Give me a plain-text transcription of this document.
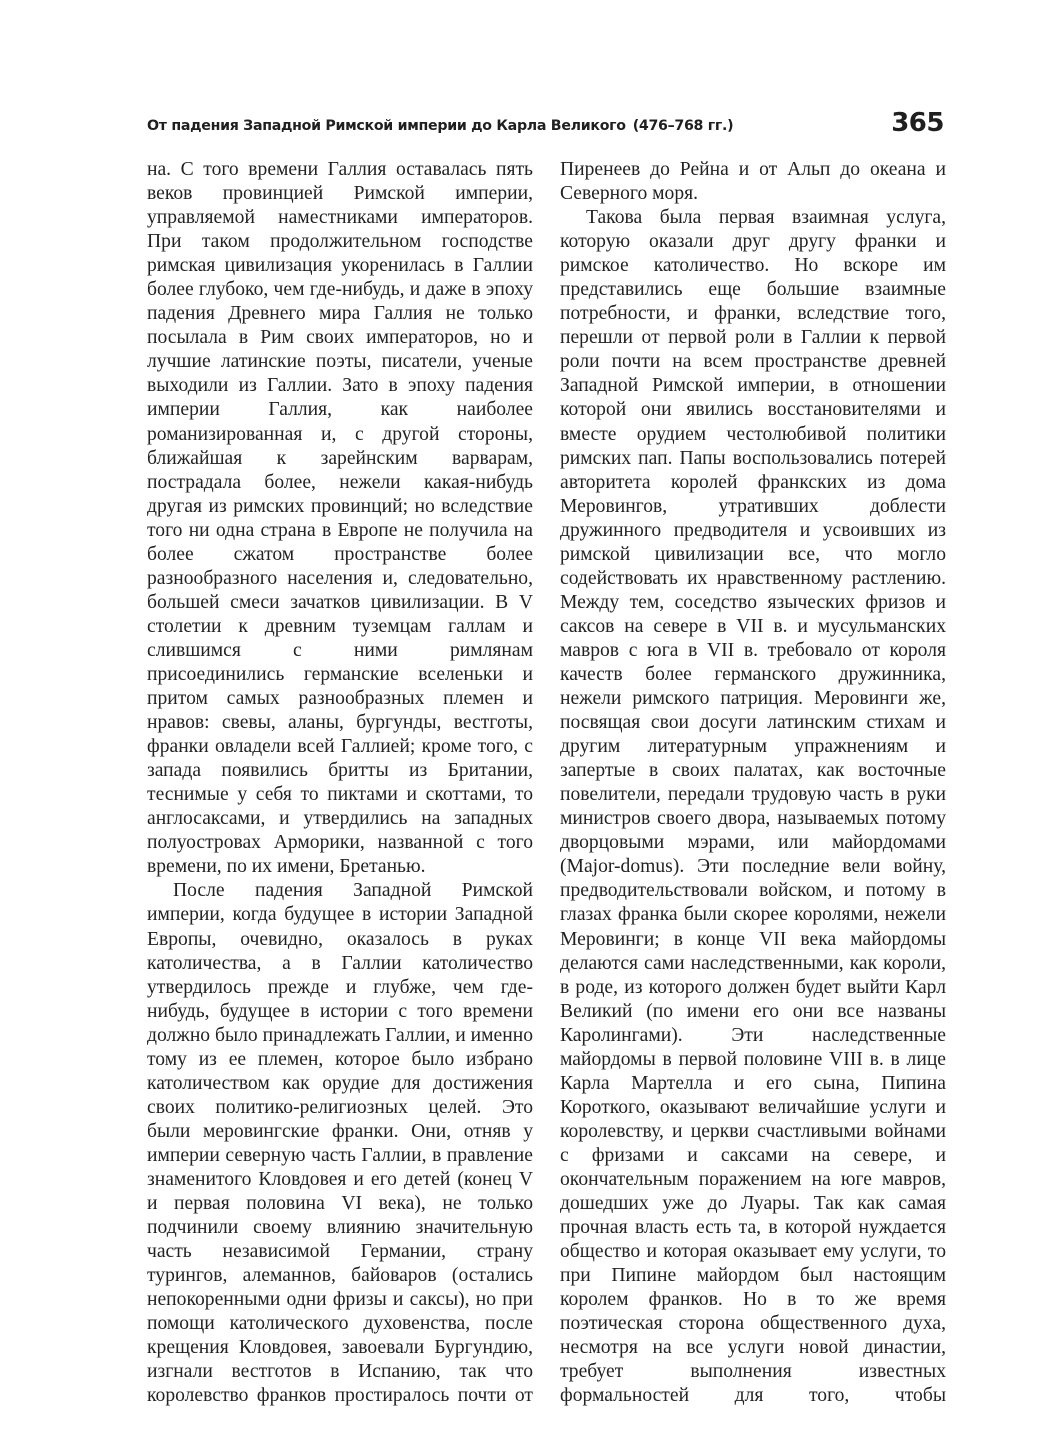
От падения Западной Римской империи до Карла Великого (476–768 гг.)	365

на. С того времени Галлия оставалась пять веков провинцией Римской империи, управляемой наместниками императоров. При таком продолжительном господстве римская цивилизация укоренилась в Галлии более глубоко, чем где-нибудь, и даже в эпоху падения Древнего мира Галлия не только посылала в Рим своих императоров, но и лучшие латинские поэты, писатели, ученые выходили из Галлии. Зато в эпоху падения империи Галлия, как наиболее романизированная и, с другой стороны, ближайшая к зарейнским варварам, пострадала более, нежели какая-нибудь другая из римских провинций; но вследствие того ни одна страна в Европе не получила на более сжатом пространстве более разнообразного населения и, следовательно, большей смеси зачатков цивилизации. В V столетии к древним туземцам галлам и слившимся с ними римлянам присоединились германские вселеньки и притом самых разнообразных племен и нравов: свевы, аланы, бургунды, вестготы, франки овладели всей Галлией; кроме того, с запада появились бритты из Британии, теснимые у себя то пиктами и скоттами, то англосаксами, и утвердились на западных полуостровах Арморики, названной с того времени, по их имени, Бретанью.

После падения Западной Римской империи, когда будущее в истории Западной Европы, очевидно, оказалось в руках католичества, а в Галлии католичество утвердилось прежде и глубже, чем где-нибудь, будущее в истории с того времени должно было принадлежать Галлии, и именно тому из ее племен, которое было избрано католичеством как орудие для достижения своих политико-религиозных целей. Это были меровингские франки. Они, отняв у империи северную часть Галлии, в правление знаменитого Кловдовея и его детей (конец V и первая половина VI века), не только подчинили своему влиянию значительную часть независимой Германии, страну турингов, алеманнов, байоваров (остались непокоренными одни фризы и саксы), но при помощи католического духовенства, после крещения Кловдовея, завоевали Бургундию, изгнали вестготов в Испанию, так что королевство франков простиралось почти от

Пиренеев до Рейна и от Альп до океана и Северного моря.

Такова была первая взаимная услуга, которую оказали друг другу франки и римское католичество. Но вскоре им представились еще большие взаимные потребности, и франки, вследствие того, перешли от первой роли в Галлии к первой роли почти на всем пространстве древней Западной Римской империи, в отношении которой они явились восстановителями и вместе орудием честолюбивой политики римских пап. Папы воспользовались потерей авторитета королей франкских из дома Меровингов, утративших доблести дружинного предводителя и усвоивших из римской цивилизации все, что могло содействовать их нравственному растлению. Между тем, соседство языческих фризов и саксов на севере в VII в. и мусульманских мавров с юга в VII в. требовало от короля качеств более германского дружинника, нежели римского патриция. Меровинги же, посвящая свои досуги латинским стихам и другим литературным упражнениям и запертые в своих палатах, как восточные повелители, передали трудовую часть в руки министров своего двора, называемых потому дворцовыми мэрами, или майордомами (Major-domus). Эти последние вели войну, предводительствовали войском, и потому в глазах франка были скорее королями, нежели Меровинги; в конце VII века майордомы делаются сами наследственными, как короли, в роде, из которого должен будет выйти Карл Великий (по имени его они все названы Каролингами). Эти наследственные майордомы в первой половине VIII в. в лице Карла Мартелла и его сына, Пипина Короткого, оказывают величайшие услуги и королевству, и церкви счастливыми войнами с фризами и саксами на севере, и окончательным поражением на юге мавров, дошедших уже до Луары. Так как самая прочная власть есть та, в которой нуждается общество и которая оказывает ему услуги, то при Пипине майордом был настоящим королем франков. Но в то же время поэтическая сторона общественного духа, несмотря на все услуги новой династии, требует выполнения известных формальностей для того, чтобы
